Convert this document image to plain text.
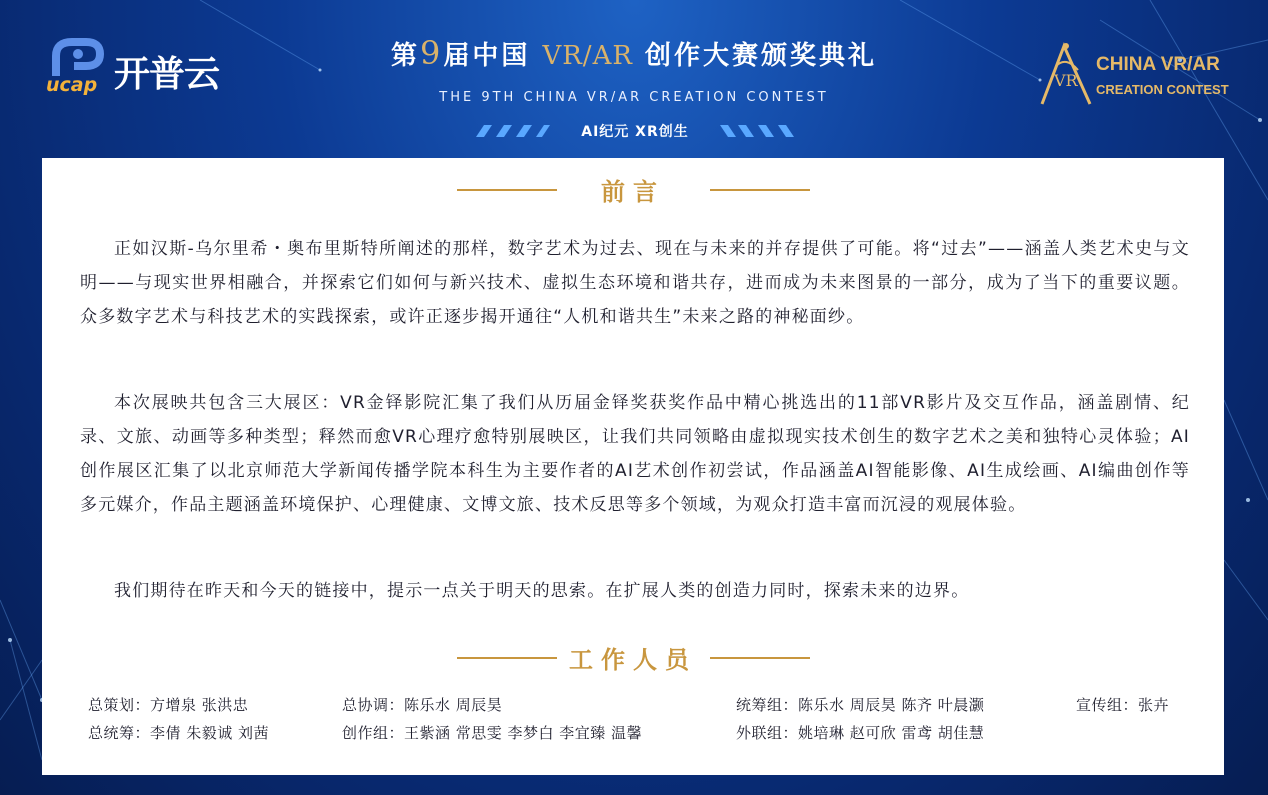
ucap 开普云	第9届中国 VR/AR 创作大赛颁奖典礼
THE 9TH CHINA VR/AR CREATION CONTEST
AI纪元 XR创生
VR
CHINA VR/AR
CREATION CONTEST
前言

正如汉斯-乌尔里希・奥布里斯特所阐述的那样，数字艺术为过去、现在与未来的并存提供了可能。将“过去”——涵盖人类艺术史与文明——与现实世界相融合，并探索它们如何与新兴技术、虚拟生态环境和谐共存，进而成为未来图景的一部分，成为了当下的重要议题。众多数字艺术与科技艺术的实践探索，或许正逐步揭开通往“人机和谐共生”未来之路的神秘面纱。

本次展映共包含三大展区：VR金铎影院汇集了我们从历届金铎奖获奖作品中精心挑选出的11部VR影片及交互作品，涵盖剧情、纪录、文旅、动画等多种类型；释然而愈VR心理疗愈特别展映区，让我们共同领略由虚拟现实技术创生的数字艺术之美和独特心灵体验；AI创作展区汇集了以北京师范大学新闻传播学院本科生为主要作者的AI艺术创作初尝试，作品涵盖AI智能影像、AI生成绘画、AI编曲创作等多元媒介，作品主题涵盖环境保护、心理健康、文博文旅、技术反思等多个领域，为观众打造丰富而沉浸的观展体验。

我们期待在昨天和今天的链接中，提示一点关于明天的思索。在扩展人类的创造力同时，探索未来的边界。

工作人员
总策划：方增泉 张洪忠	总协调：陈乐水 周辰昊	统筹组：陈乐水 周辰昊 陈齐 叶晨灏	宣传组：张卉
总统筹：李倩 朱毅诚 刘茜	创作组：王紫涵 常思雯 李梦白 李宜臻 温馨	外联组：姚培琳 赵可欣 雷鸢 胡佳慧
